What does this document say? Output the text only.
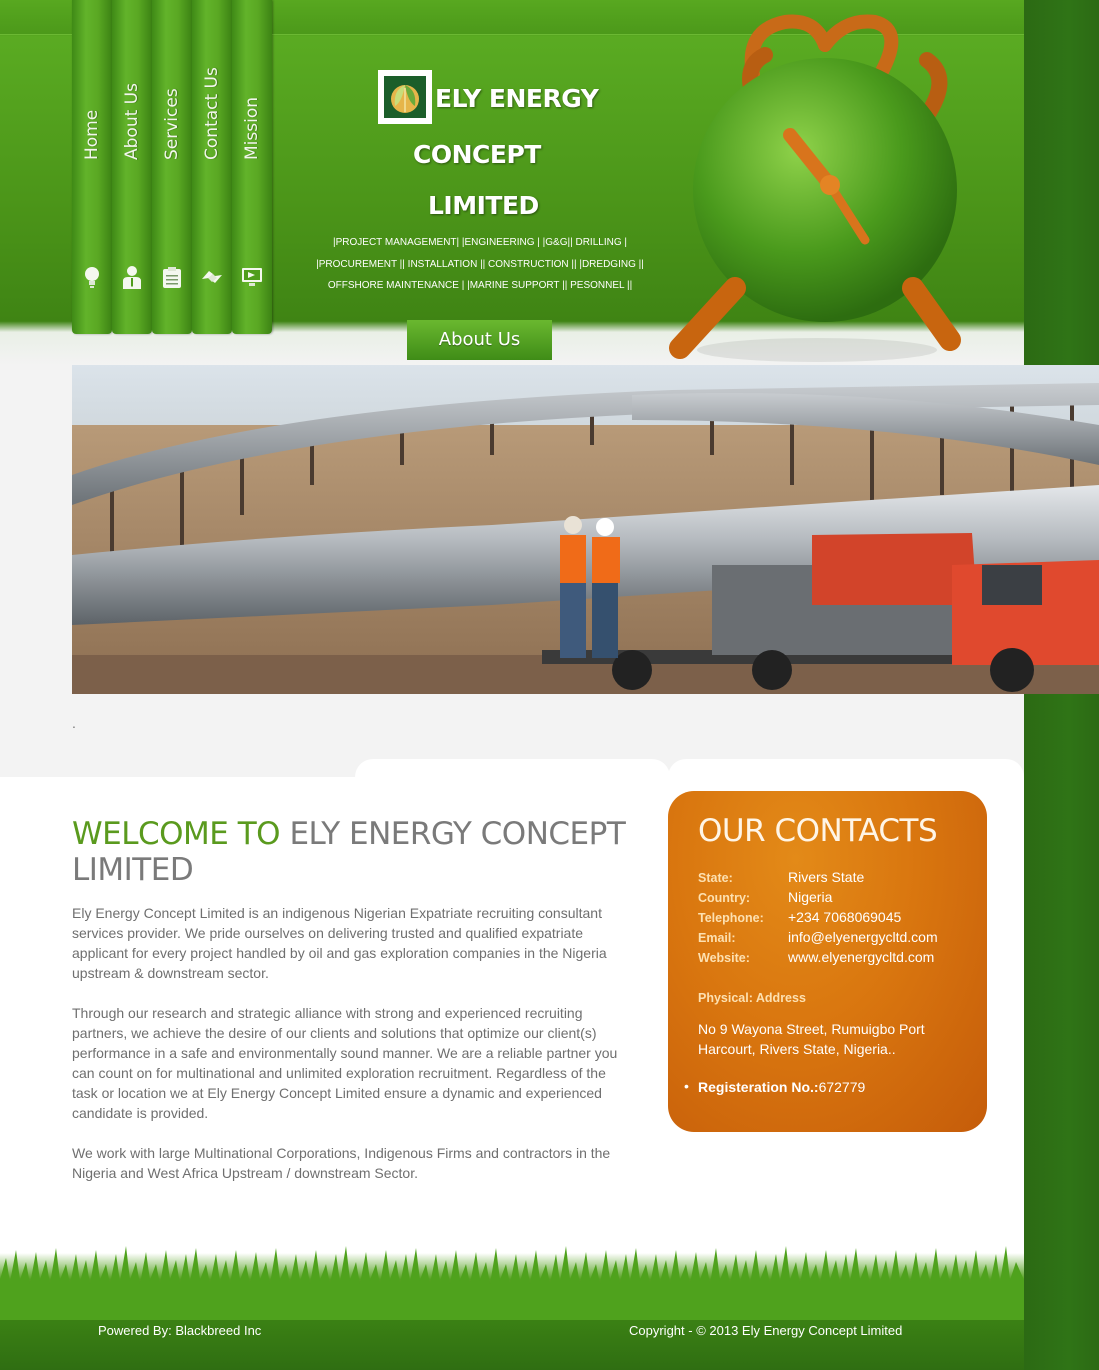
Home About Us Services Contact Us Mission	ELY ENERGY
CONCEPT
LIMITED
|PROJECT MANAGEMENT| |ENGINEERING | |G&G|| DRILLING |
|PROCUREMENT || INSTALLATION || CONSTRUCTION || |DREDGING ||
OFFSHORE MAINTENANCE | |MARINE SUPPORT || PESONNEL ||
About Us
.
WELCOME TO ELY ENERGY CONCEPT LIMITED

Ely Energy Concept Limited is an indigenous Nigerian Expatriate recruiting consultant services provider. We pride ourselves on delivering trusted and qualified expatriate applicant for every project handled by oil and gas exploration companies in the Nigeria upstream & downstream sector.

Through our research and strategic alliance with strong and experienced recruiting partners, we achieve the desire of our clients and solutions that optimize our client(s) performance in a safe and environmentally sound manner. We are a reliable partner you can count on for multinational and unlimited exploration recruitment. Regardless of the task or location we at Ely Energy Concept Limited ensure a dynamic and experienced candidate is provided.

We work with large Multinational Corporations, Indigenous Firms and contractors in the Nigeria and West Africa Upstream / downstream Sector.

OUR CONTACTS
State:	Rivers State
Country:	Nigeria
Telephone: +234 7068069045
Email:	info@elyenergycltd.com
Website:	www.elyenergycltd.com
Physical: Address
No 9 Wayona Street, Rumuigbo Port Harcourt, Rivers State, Nigeria..
• Registeration No.:672779
Powered By: Blackbreed Inc	Copyright - © 2013 Ely Energy Concept Limited
